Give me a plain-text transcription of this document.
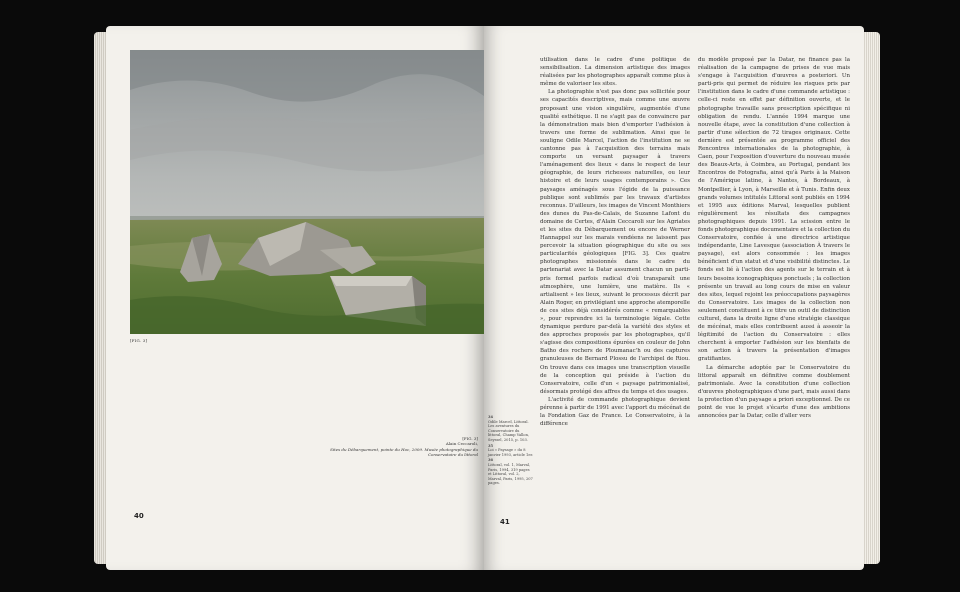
[FIG. 3]
[FIG. 3]
Alain Ceccaroli,
Sites du Débarquement, pointe du Hoc, 2009. Musée photographique du Conservatoire du littoral
40
34
Odile Marcel, Littoral. Les aventures du Conservatoire du littoral, Champ Vallon, Seyssel, 2015, p. 103.
35
Loi « Paysage » du 8 janvier 1993, article 1er.
36
Littoral, vol. 1, Marval, Paris, 1994, 319 pages et Littoral, vol. 2, Marval, Paris, 1995, 207 pages.

utilisation dans le cadre d'une politique de sensibilisation. La dimension artistique des images réalisées par les photographes apparaît comme plus à même de valoriser les sites.

La photographie n'est pas donc pas sollicitée pour ses capacités descriptives, mais comme une œuvre proposant une vision singulière, augmentée d'une qualité esthétique. Il ne s'agit pas de convaincre par la démonstration mais bien d'emporter l'adhésion à travers une forme de sublimation. Ainsi que le souligne Odile Marcel, l'action de l'institution ne se cantonne pas à l'acquisition des terrains mais comporte un versant paysager à travers l'aménagement des lieux « dans le respect de leur géographie, de leurs richesses naturelles, ou leur histoire et de leurs usages contemporains ». Ces paysages aménagés sous l'égide de la puissance publique sont sublimés par les travaux d'artistes reconnus. D'ailleurs, les images de Vincent Monthiers des dunes du Pas-de-Calais, de Suzanne Lafont du domaine de Certes, d'Alain Ceccaroli sur les Agriates et les sites du Débarquement ou encore de Werner Hannappel sur les marais vendéens ne laissent pas percevoir la situation géographique du site ou ses particularités géologiques [FIG. 3]. Ces quatre photographes missionnés dans le cadre du partenariat avec la Datar assument chacun un parti-pris formel parfois radical d'où transparaît une atmosphère, une lumière, une matière. Ils « artialisent » les lieux, suivant le processus décrit par Alain Roger, en privilégiant une approche atemporelle de ces sites déjà considérés comme « remarquables », pour reprendre ici la terminologie légale. Cette dynamique perdure par-delà la variété des styles et des approches proposés par les photographes, qu'il s'agisse des compositions épurées en couleur de John Batho des rochers de Ploumanac'h ou des captures granuleuses de Bernard Plossu de l'archipel de Riou. On trouve dans ces images une transcription visuelle de la conception qui préside à l'action du Conservatoire, celle d'un « paysage patrimonialisé, désormais protégé des affres du temps et des usages.

L'activité de commande photographique devient pérenne à partir de 1991 avec l'apport du mécénat de la Fondation Gaz de France. Le Conservatoire, à la différence

du modèle proposé par la Datar, ne finance pas la réalisation de la campagne de prises de vue mais s'engage à l'acquisition d'œuvres a posteriori. Un parti-pris qui permet de réduire les risques pris par l'institution dans le cadre d'une commande artistique : celle-ci reste en effet par définition ouverte, et le photographe travaille sans prescription spécifique ni obligation de rendu. L'année 1994 marque une nouvelle étape, avec la constitution d'une collection à partir d'une sélection de 72 tirages originaux. Cette dernière est présentée au programme officiel des Rencontres internationales de la photographie, à Caen, pour l'exposition d'ouverture du nouveau musée des Beaux-Arts, à Coimbra, au Portugal, pendant les Encontros de Fotografia, ainsi qu'à Paris à la Maison de l'Amérique latine, à Nantes, à Bordeaux, à Montpellier, à Lyon, à Marseille et à Tunis. Enfin deux grands volumes intitulés Littoral sont publiés en 1994 et 1995 aux éditions Marval, lesquelles publient régulièrement les résultats des campagnes photographiques depuis 1991. La scission entre le fonds photographique documentaire et la collection du Conservatoire, confiée à une directrice artistique indépendante, Line Lavesque (association À travers le paysage), est alors consommée : les images bénéficient d'un statut et d'une visibilité distinctes. Le fonds est lié à l'action des agents sur le terrain et à leurs besoins iconographiques ponctuels ; la collection présente un travail au long cours de mise en valeur des sites, lequel rejoint les préoccupations paysagères du Conservatoire. Les images de la collection non seulement constituent à ce titre un outil de distinction culturel, dans la droite ligne d'une stratégie classique de mécénat, mais elles contribuent aussi à asseoir la légitimité de l'action du Conservatoire : elles cherchent à emporter l'adhésion sur les bienfaits de son action à travers la présentation d'images gratifiantes.

La démarche adoptée par le Conservatoire du littoral apparaît en définitive comme doublement patrimoniale. Avec la constitution d'une collection d'œuvres photographiques d'une part, mais aussi dans la protection d'un paysage a priori exceptionnel. De ce point de vue le projet s'écarte d'une des ambitions annoncées par la Datar, celle d'aller vers

41
